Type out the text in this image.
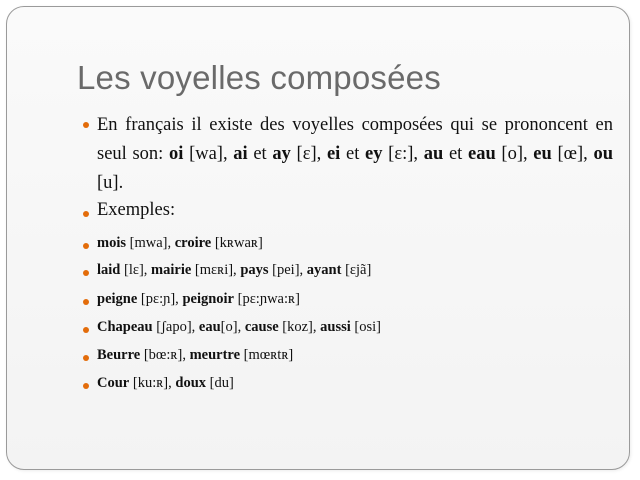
Les voyelles composées
En français il existe des voyelles composées qui se prononcent en seul son: oi [wa], ai et ay [ɛ], ei et ey [ɛ:], au et eau [o], eu [œ], ou [u].
Exemples:
mois [mwa], croire [kʀwaʀ]
laid [lɛ], mairie [mɛʀi], pays [pei], ayant [ɛjã]
peigne [pɛ:ɲ], peignoir [pɛ:ɲwa:ʀ]
Chapeau [ʃapo], eau[o], cause [koz], aussi [osi]
Beurre [bœ:ʀ], meurtre [mœʀtʀ]
Cour [ku:ʀ], doux [du]
